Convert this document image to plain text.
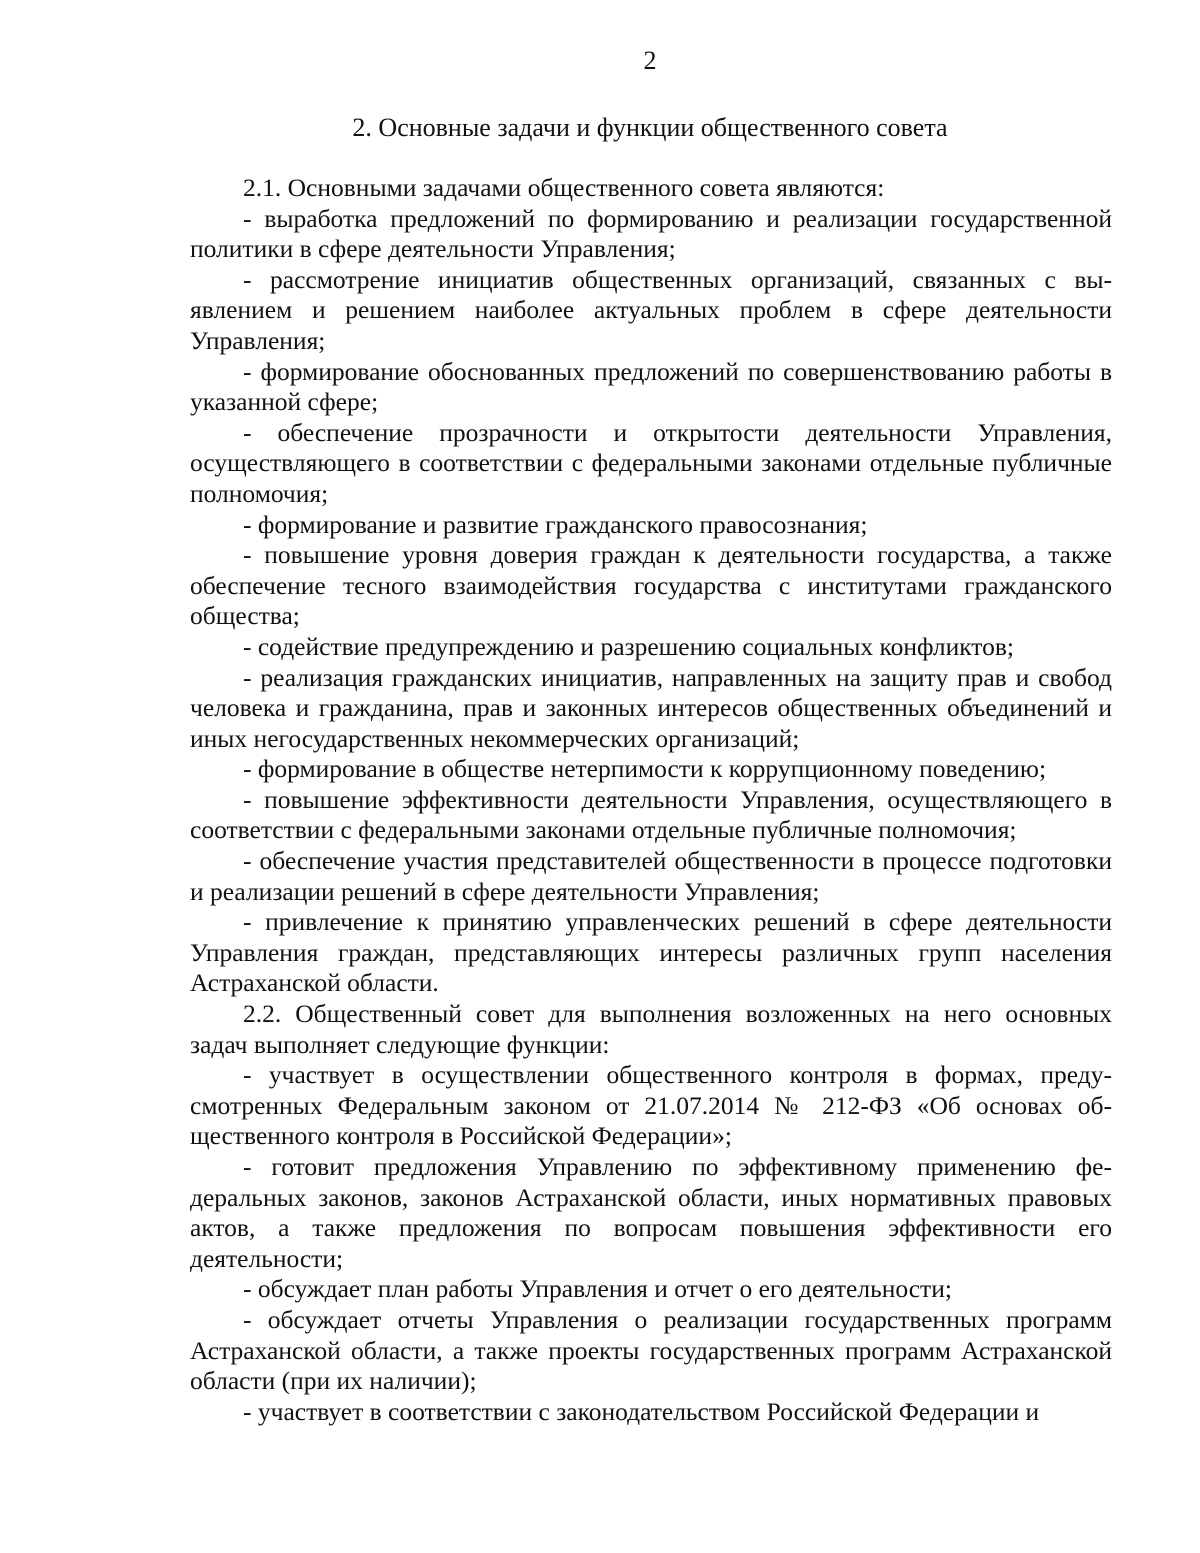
2
2. Основные задачи и функции общественного совета

2.1. Основными задачами общественного совета являются:

- выработка предложений по формированию и реализации государственной политики в сфере деятельности Управления;

- рассмотрение инициатив общественных организаций, связанных с выявлением и решением наиболее актуальных проблем в сфере деятельности Управления;

- формирование обоснованных предложений по совершенствованию работы в указанной сфере;

- обеспечение прозрачности и открытости деятельности Управления, осуществляющего в соответствии с федеральными законами отдельные публичные полномочия;

- формирование и развитие гражданского правосознания;

- повышение уровня доверия граждан к деятельности государства, а также обеспечение тесного взаимодействия государства с институтами гражданского общества;

- содействие предупреждению и разрешению социальных конфликтов;

- реализация гражданских инициатив, направленных на защиту прав и свобод человека и гражданина, прав и законных интересов общественных объединений и иных негосударственных некоммерческих организаций;

- формирование в обществе нетерпимости к коррупционному поведению;

- повышение эффективности деятельности Управления, осуществляющего в соответствии с федеральными законами отдельные публичные полномочия;

- обеспечение участия представителей общественности в процессе подготовки и реализации решений в сфере деятельности Управления;

- привлечение к принятию управленческих решений в сфере деятельности Управления граждан, представляющих интересы различных групп населения Астраханской области.

2.2. Общественный совет для выполнения возложенных на него основных задач выполняет следующие функции:

- участвует в осуществлении общественного контроля в формах, предусмотренных Федеральным законом от 21.07.2014 № 212-ФЗ «Об основах общественного контроля в Российской Федерации»;

- готовит предложения Управлению по эффективному применению федеральных законов, законов Астраханской области, иных нормативных правовых актов, а также предложения по вопросам повышения эффективности его деятельности;

- обсуждает план работы Управления и отчет о его деятельности;

- обсуждает отчеты Управления о реализации государственных программ Астраханской области, а также проекты государственных программ Астраханской области (при их наличии);

- участвует в соответствии с законодательством Российской Федерации и
